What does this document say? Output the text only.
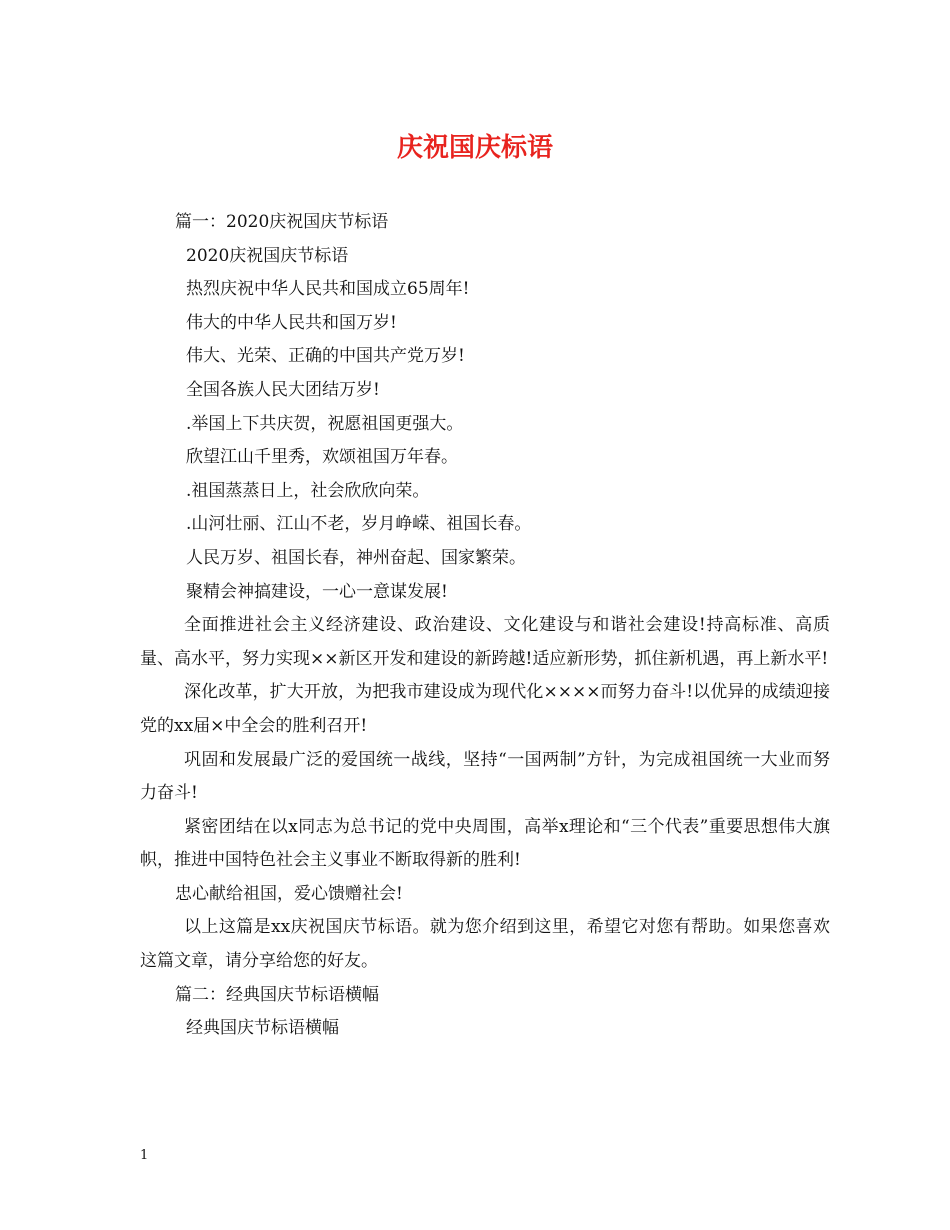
庆祝国庆标语

篇一：2020庆祝国庆节标语

2020庆祝国庆节标语

热烈庆祝中华人民共和国成立65周年!

伟大的中华人民共和国万岁!

伟大、光荣、正确的中国共产党万岁!

全国各族人民大团结万岁!

.举国上下共庆贺，祝愿祖国更强大。

欣望江山千里秀，欢颂祖国万年春。

.祖国蒸蒸日上，社会欣欣向荣。

.山河壮丽、江山不老，岁月峥嵘、祖国长春。

人民万岁、祖国长春，神州奋起、国家繁荣。

聚精会神搞建设，一心一意谋发展!

全面推进社会主义经济建设、政治建设、文化建设与和谐社会建设!持高标准、高质量、高水平，努力实现××新区开发和建设的新跨越!适应新形势，抓住新机遇，再上新水平!

深化改革，扩大开放，为把我市建设成为现代化××××而努力奋斗!以优异的成绩迎接党的xx届×中全会的胜利召开!

巩固和发展最广泛的爱国统一战线，坚持“一国两制”方针，为完成祖国统一大业而努力奋斗!

紧密团结在以x同志为总书记的党中央周围，高举x理论和“三个代表”重要思想伟大旗帜，推进中国特色社会主义事业不断取得新的胜利!

忠心献给祖国，爱心馈赠社会!

以上这篇是xx庆祝国庆节标语。就为您介绍到这里，希望它对您有帮助。如果您喜欢这篇文章，请分享给您的好友。

篇二：经典国庆节标语横幅

经典国庆节标语横幅

1
